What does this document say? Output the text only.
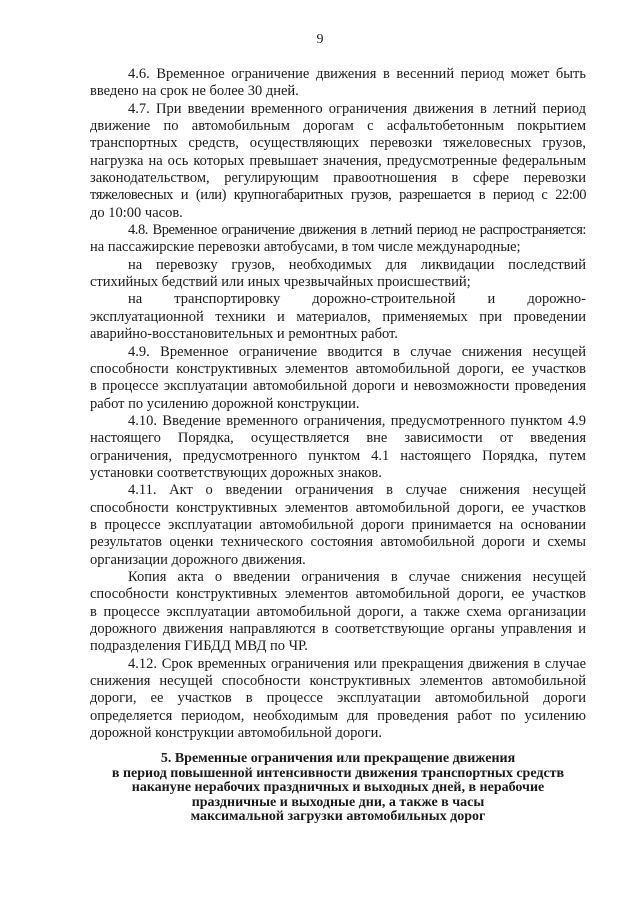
9
4.6. Временное ограничение движения в весенний период может быть
введено на срок не более 30 дней.
4.7. При введении временного ограничения движения в летний период
движение по автомобильным дорогам с асфальтобетонным покрытием
транспортных средств, осуществляющих перевозки тяжеловесных грузов,
нагрузка на ось которых превышает значения, предусмотренные федеральным
законодательством, регулирующим правоотношения в сфере перевозки
тяжеловесных и (или) крупногабаритных грузов, разрешается в период с 22:00
до 10:00 часов.
4.8. Временное ограничение движения в летний период не распространяется:
на пассажирские перевозки автобусами, в том числе международные;
на перевозку грузов, необходимых для ликвидации последствий
стихийных бедствий или иных чрезвычайных происшествий;
на транспортировку дорожно-строительной и дорожно-
эксплуатационной техники и материалов, применяемых при проведении
аварийно-восстановительных и ремонтных работ.
4.9. Временное ограничение вводится в случае снижения несущей
способности конструктивных элементов автомобильной дороги, ее участков
в процессе эксплуатации автомобильной дороги и невозможности проведения
работ по усилению дорожной конструкции.
4.10. Введение временного ограничения, предусмотренного пунктом 4.9
настоящего Порядка, осуществляется вне зависимости от введения
ограничения, предусмотренного пунктом 4.1 настоящего Порядка, путем
установки соответствующих дорожных знаков.
4.11. Акт о введении ограничения в случае снижения несущей
способности конструктивных элементов автомобильной дороги, ее участков
в процессе эксплуатации автомобильной дороги принимается на основании
результатов оценки технического состояния автомобильной дороги и схемы
организации дорожного движения.
Копия акта о введении ограничения в случае снижения несущей
способности конструктивных элементов автомобильной дороги, ее участков
в процессе эксплуатации автомобильной дороги, а также схема организации
дорожного движения направляются в соответствующие органы управления и
подразделения ГИБДД МВД по ЧР.
4.12. Срок временных ограничения или прекращения движения в случае
снижения несущей способности конструктивных элементов автомобильной
дороги, ее участков в процессе эксплуатации автомобильной дороги
определяется периодом, необходимым для проведения работ по усилению
дорожной конструкции автомобильной дороги.
5. Временные ограничения или прекращение движения
в период повышенной интенсивности движения транспортных средств
накануне нерабочих праздничных и выходных дней, в нерабочие
праздничные и выходные дни, а также в часы
максимальной загрузки автомобильных дорог
